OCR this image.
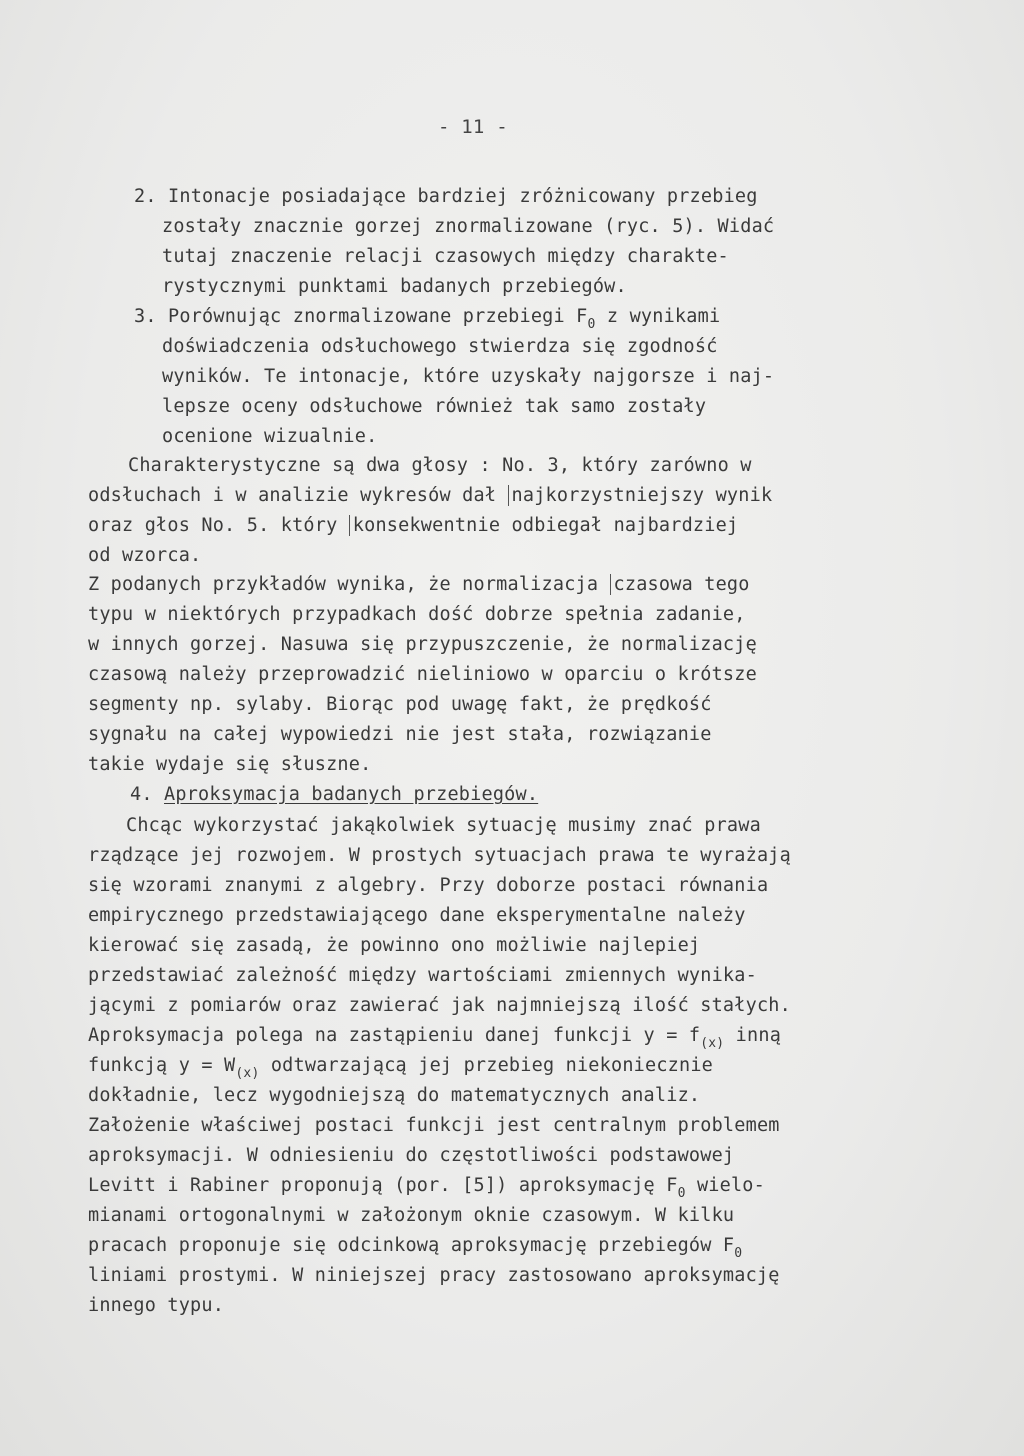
- 11 -
2. Intonacje posiadające bardziej zróżnicowany przebieg
zostały znacznie gorzej znormalizowane (ryc. 5). Widać
tutaj znaczenie relacji czasowych między charakte-
rystycznymi punktami badanych przebiegów.
3. Porównując znormalizowane przebiegi $F_0$ z wynikami
doświadczenia odsłuchowego stwierdza się zgodność
wyników. Te intonacje, które uzyskały najgorsze i naj-
lepsze oceny odsłuchowe również tak samo zostały
ocenione wizualnie.
Charakterystyczne są dwa głosy : No. 3, który zarówno w
odsłuchach i w analizie wykresów dał najkorzystniejszy wynik
oraz głos No. 5. który konsekwentnie odbiegał najbardziej
od wzorca.
Z podanych przykładów wynika, że normalizacja czasowa tego
typu w niektórych przypadkach dość dobrze spełnia zadanie,
w innych gorzej. Nasuwa się przypuszczenie, że normalizację
czasową należy przeprowadzić nieliniowo w oparciu o krótsze
segmenty np. sylaby. Biorąc pod uwagę fakt, że prędkość
sygnału na całej wypowiedzi nie jest stała, rozwiązanie
takie wydaje się słuszne.
4. Aproksymacja badanych przebiegów.
Chcąc wykorzystać jakąkolwiek sytuację musimy znać prawa
rządzące jej rozwojem. W prostych sytuacjach prawa te wyrażają
się wzorami znanymi z algebry. Przy doborze postaci równania
empirycznego przedstawiającego dane eksperymentalne należy
kierować się zasadą, że powinno ono możliwie najlepiej
przedstawiać zależność między wartościami zmiennych wynika-
jącymi z pomiarów oraz zawierać jak najmniejszą ilość stałych.
Aproksymacja polega na zastąpieniu danej funkcji $y = f_{(x)}$ inną
funkcją $y = W_{(x)}$ odtwarzającą jej przebieg niekoniecznie
dokładnie, lecz wygodniejszą do matematycznych analiz.
Założenie właściwej postaci funkcji jest centralnym problemem
aproksymacji. W odniesieniu do częstotliwości podstawowej
Levitt i Rabiner proponują (por. [5]) aproksymację $F_0$ wielo-
mianami ortogonalnymi w założonym oknie czasowym. W kilku
pracach proponuje się odcinkową aproksymację przebiegów $F_0$
liniami prostymi. W niniejszej pracy zastosowano aproksymację
innego typu.
